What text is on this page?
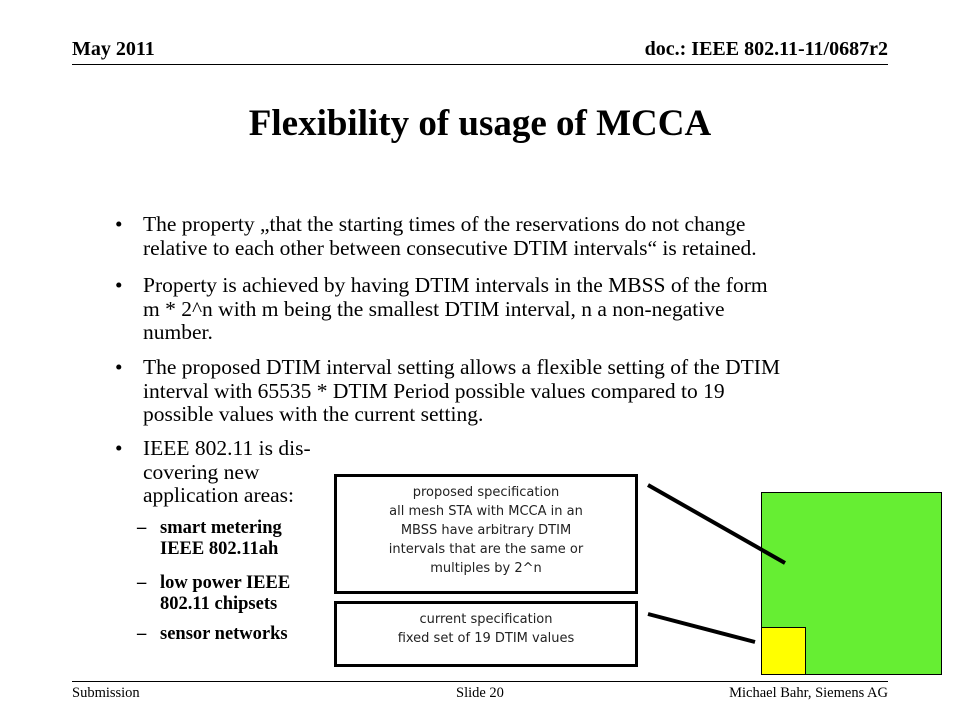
May 2011	doc.: IEEE 802.11-11/0687r2
Flexibility of usage of MCCA
• The property „that the starting times of the reservations do not change
relative to each other between consecutive DTIM intervals“ is retained.
• Property is achieved by having DTIM intervals in the MBSS of the form
m * 2^n with m being the smallest DTIM interval, n a non-negative
number.
• The proposed DTIM interval setting allows a flexible setting of the DTIM
interval with 65535 * DTIM Period possible values compared to 19
possible values with the current setting.
• IEEE 802.11 is dis-
covering new
application areas:
– smart metering
IEEE 802.11ah
– low power IEEE
802.11 chipsets
– sensor networks
proposed specification
all mesh STA with MCCA in an
MBSS have arbitrary DTIM
intervals that are the same or
multiples by 2^n
current specification
fixed set of 19 DTIM values
Submission	Slide 20	Michael Bahr, Siemens AG
